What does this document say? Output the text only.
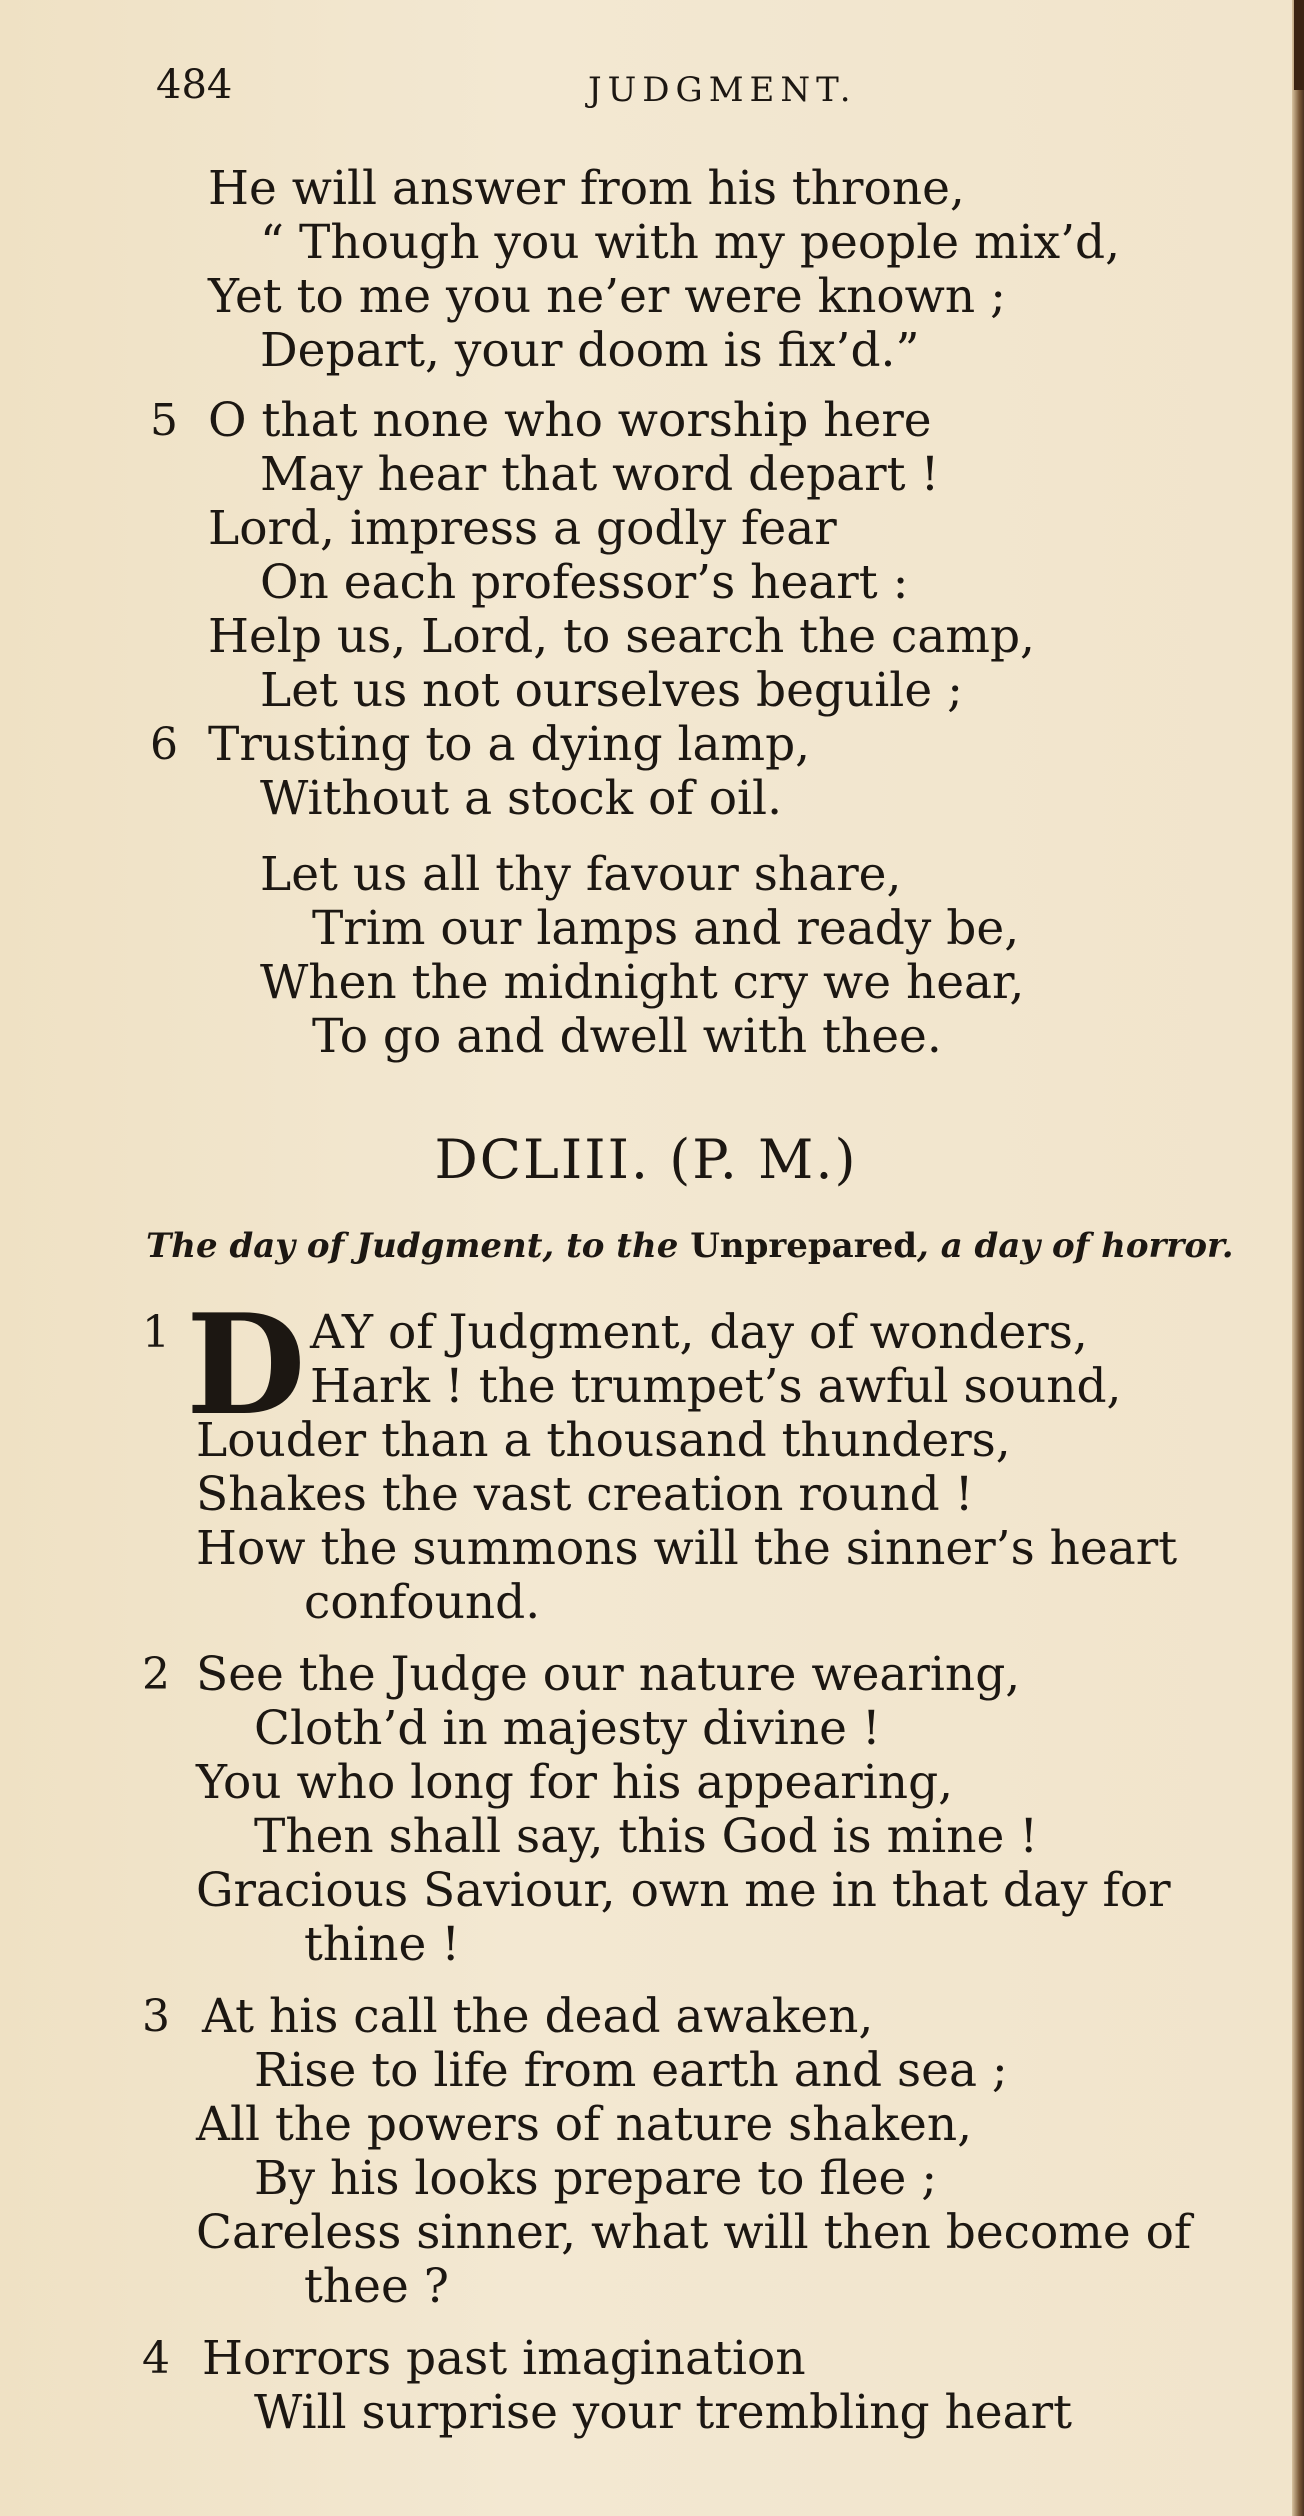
484	JUDGMENT.
He will answer from his throne,
“ Though you with my people mix’d,
Yet to me you ne’er were known ;
Depart, your doom is fix’d.”
5 O that none who worship here
May hear that word depart !
Lord, impress a godly fear
On each professor’s heart :
Help us, Lord, to search the camp,
Let us not ourselves beguile ;
6 Trusting to a dying lamp,
Without a stock of oil.
Let us all thy favour share,
Trim our lamps and ready be,
When the midnight cry we hear,
To go and dwell with thee.
DCLIII. (P. M.)
The day of Judgment, to the Unprepared, a day of horror.
1 D AY of Judgment, day of wonders,
Hark ! the trumpet’s awful sound,
Louder than a thousand thunders,
Shakes the vast creation round !
How the summons will the sinner’s heart
confound.
2 See the Judge our nature wearing,
Cloth’d in majesty divine !
You who long for his appearing,
Then shall say, this God is mine !
Gracious Saviour, own me in that day for
thine !
3 At his call the dead awaken,
Rise to life from earth and sea ;
All the powers of nature shaken,
By his looks prepare to flee ;
Careless sinner, what will then become of
thee ?
4 Horrors past imagination
Will surprise your trembling heart
